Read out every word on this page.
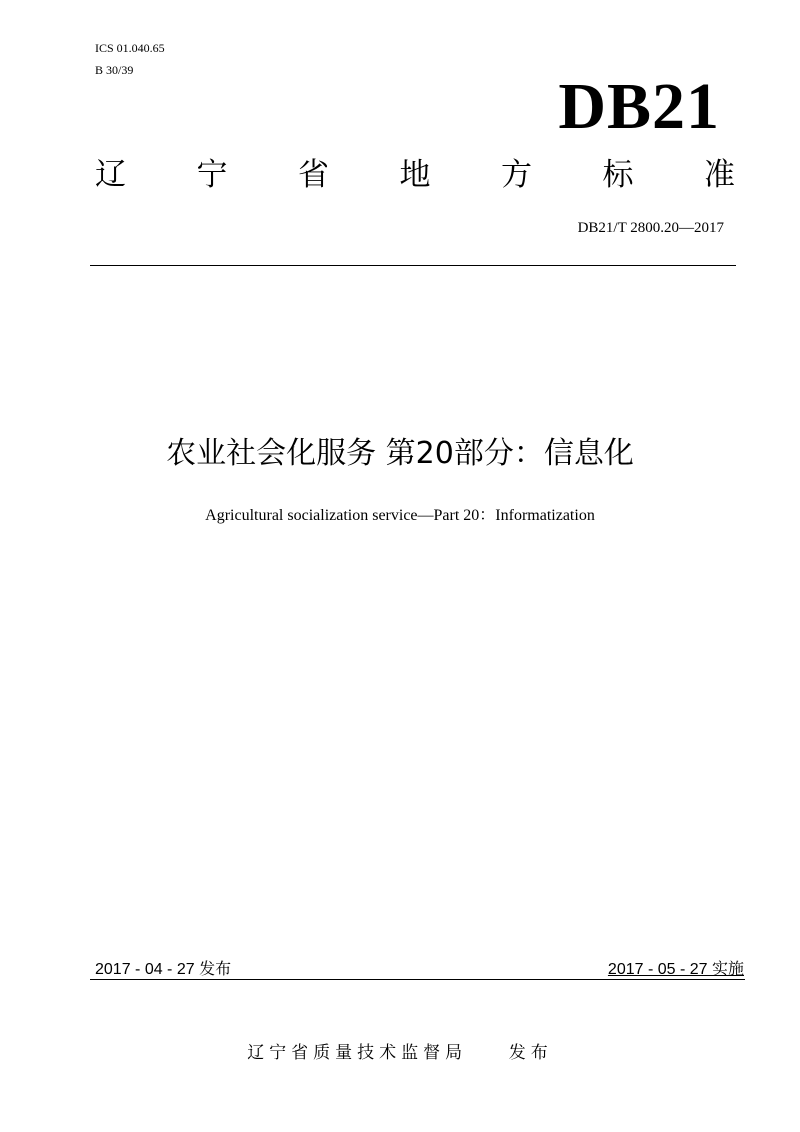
ICS 01.040.65
B 30/39	DB21
辽 宁 省 地 方 标 准
DB21/T 2800.20—2017
农业社会化服务 第20部分：信息化
Agricultural socialization service—Part 20：Informatization
2017 - 04 - 27 发布	2017 - 05 - 27 实施
辽宁省质量技术监督局    发布
